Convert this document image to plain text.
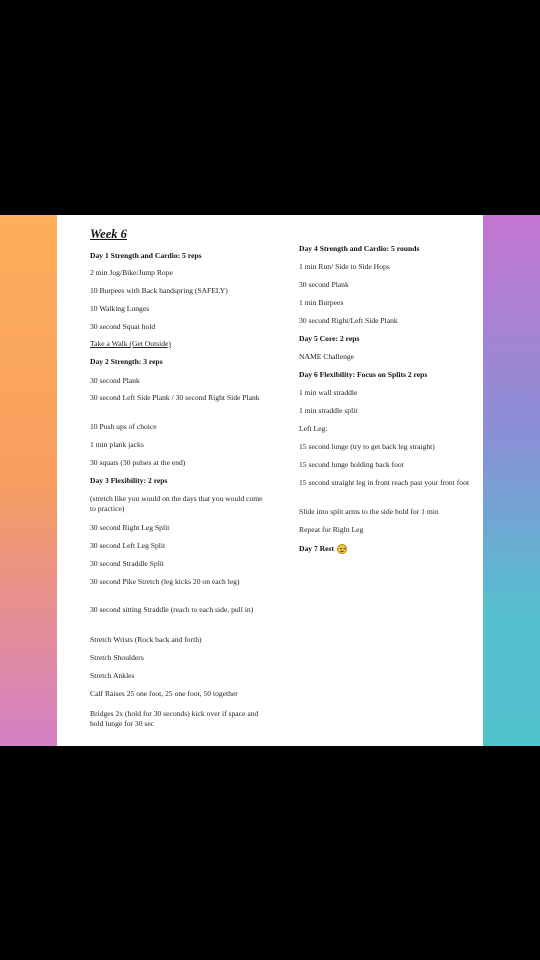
Week 6
Day 1 Strength and Cardio: 5 reps
2 min Jog/Bike/Jump Rope
10 Burpees with Back handspring (SAFELY)
10 Walking Lunges
30 second Squat hold
Take a Walk (Get Outside)
Day 2 Strength: 3 reps
30 second Plank
30 second Left Side Plank / 30 second Right Side Plank
10 Push ups of choice
1 min plank jacks
30 squats (30 pulses at the end)
Day 3 Flexibility: 2 reps
(stretch like you would on the days that you would come to practice)
30 second Right Leg Split
30 second Left Leg Split
30 second Straddle Split
30 second Pike Stretch (leg kicks 20 on each leg)
30 second sitting Straddle (reach to each side, pull in)
Stretch Wrists (Rock back and forth)
Stretch Shoulders
Stretch Ankles
Calf Raises 25 one foot, 25 one foot, 50 together
Bridges 2x (hold for 30 seconds) kick over if space and hold lunge for 30 sec
Day 4 Strength and Cardio: 5 rounds
1 min Run/ Side to Side Hops
30 second Plank
1 min Burpees
30 second Right/Left Side Plank
Day 5 Core: 2 reps
NAME Challenge
Day 6 Flexibility: Focus on Splits 2 reps
1 min wall straddle
1 min straddle split
Left Leg:
15 second lunge (try to get back leg straight)
15 second lunge holding back foot
15 second straight leg in front reach past your front foot
Slide into split arms to the side hold for 1 min
Repeat for Right Leg
Day 7 Rest
